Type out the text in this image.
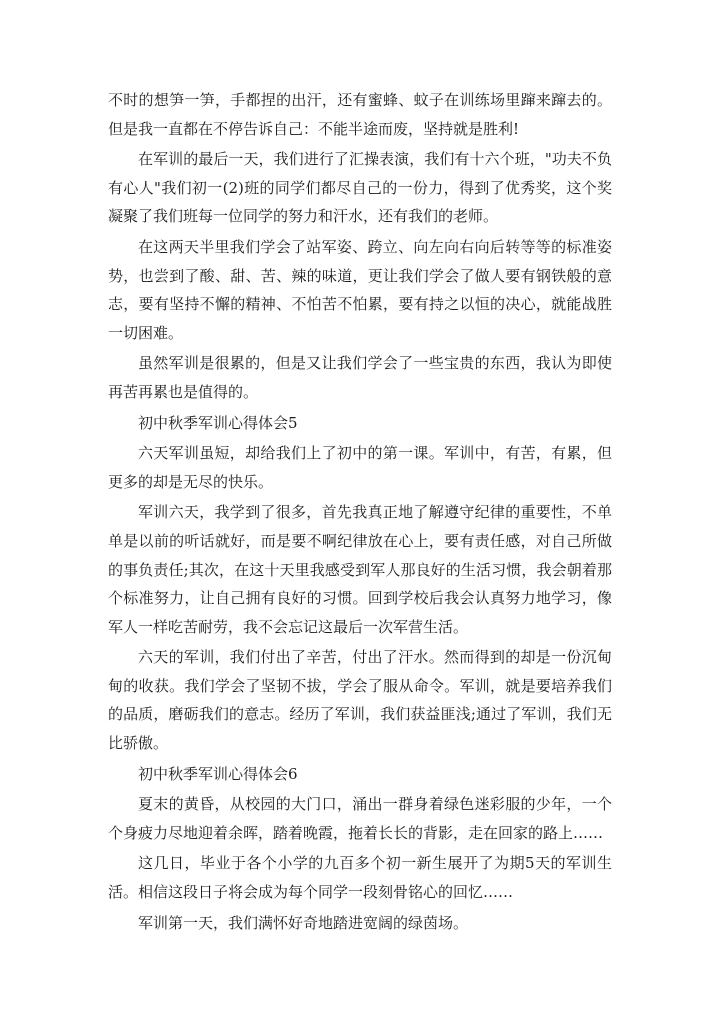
不时的想笋一笋，手都捏的出汗，还有蜜蜂、蚊子在训练场里蹿来蹿去的。但是我一直都在不停告诉自己：不能半途而废，坚持就是胜利!

在军训的最后一天，我们进行了汇操表演，我们有十六个班，"功夫不负有心人"我们初一(2)班的同学们都尽自己的一份力，得到了优秀奖，这个奖凝聚了我们班每一位同学的努力和汗水，还有我们的老师。

在这两天半里我们学会了站军姿、跨立、向左向右向后转等等的标准姿势，也尝到了酸、甜、苦、辣的味道，更让我们学会了做人要有钢铁般的意志，要有坚持不懈的精神、不怕苦不怕累，要有持之以恒的决心，就能战胜一切困难。

虽然军训是很累的，但是又让我们学会了一些宝贵的东西，我认为即使再苦再累也是值得的。

初中秋季军训心得体会5

六天军训虽短，却给我们上了初中的第一课。军训中，有苦，有累，但更多的却是无尽的快乐。

军训六天，我学到了很多，首先我真正地了解遵守纪律的重要性，不单单是以前的听话就好，而是要不啊纪律放在心上，要有责任感，对自己所做的事负责任;其次，在这十天里我感受到军人那良好的生活习惯，我会朝着那个标准努力，让自己拥有良好的习惯。回到学校后我会认真努力地学习，像军人一样吃苦耐劳，我不会忘记这最后一次军营生活。

六天的军训，我们付出了辛苦，付出了汗水。然而得到的却是一份沉甸甸的收获。我们学会了坚韧不拔，学会了服从命令。军训，就是要培养我们的品质，磨砺我们的意志。经历了军训，我们获益匪浅;通过了军训，我们无比骄傲。

初中秋季军训心得体会6

夏末的黄昏，从校园的大门口，涌出一群身着绿色迷彩服的少年，一个个身疲力尽地迎着余晖，踏着晚霞，拖着长长的背影，走在回家的路上……

这几日，毕业于各个小学的九百多个初一新生展开了为期5天的军训生活。相信这段日子将会成为每个同学一段刻骨铭心的回忆……

军训第一天，我们满怀好奇地踏进宽阔的绿茵场。
